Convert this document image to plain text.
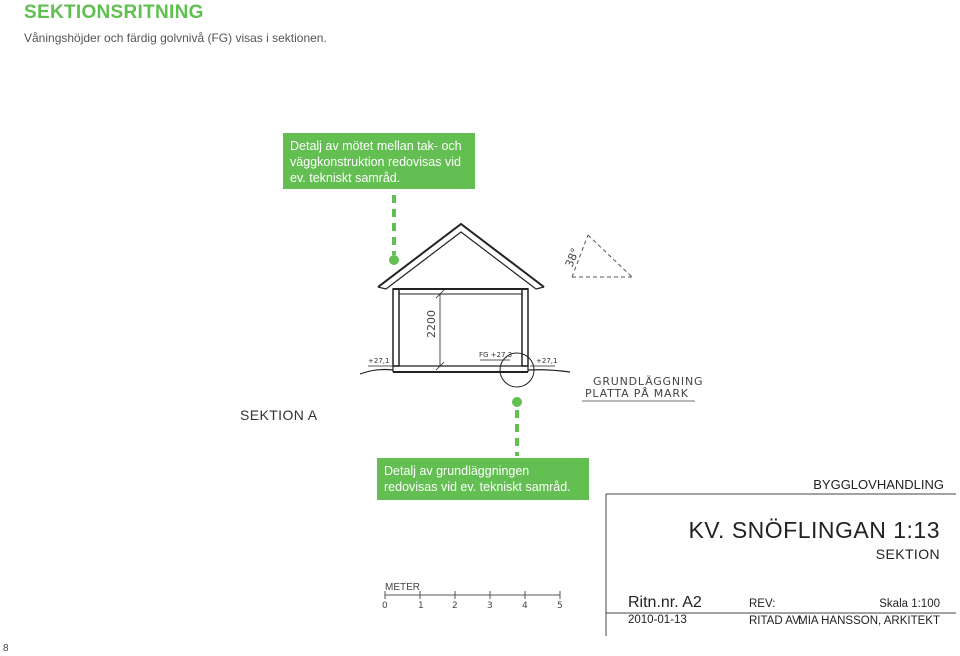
SEKTIONSRITNING
Våningshöjder och färdig golvnivå (FG) visas i sektionen.
Detalj av mötet mellan tak- och väggkonstruktion redovisas vid ev. tekniskt samråd.
Detalj av grundläggningen redovisas vid ev. tekniskt samråd.
38°
2200
+27,1
FG +27,3
+27,1
GRUNDLÄGGNING
PLATTA PÅ MARK
0	1	2	3	4	5
SEKTION A
METER
BYGGLOVHANDLING
KV. SNÖFLINGAN 1:13
SEKTION
Ritn.nr. A2
2010-01-13
REV:	Skala 1:100
RITAD AV:
MIA HANSSON, ARKITEKT
8
